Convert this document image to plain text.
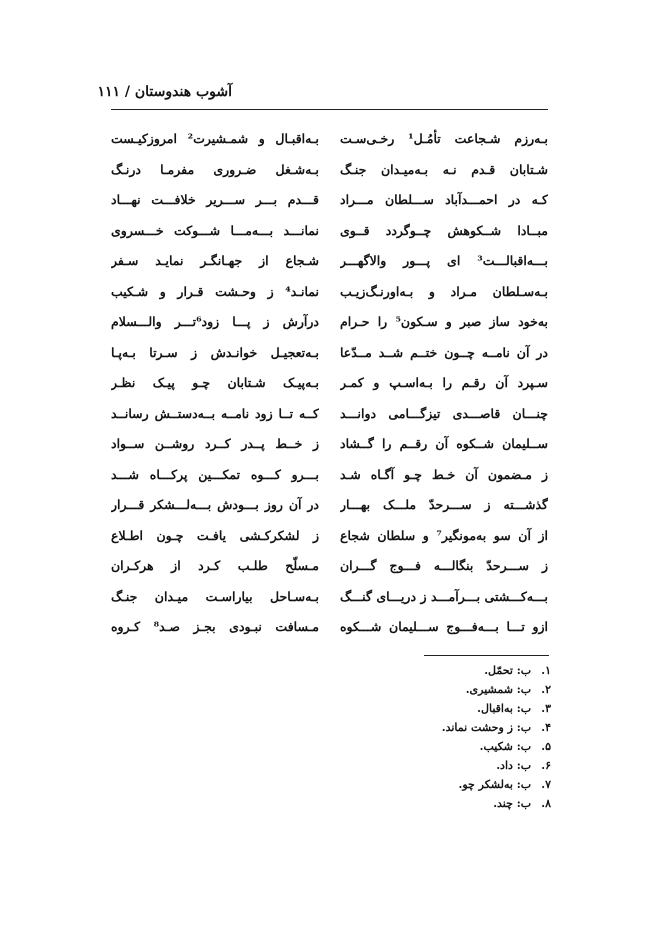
آشوب هندوستان / ۱۱۱
بـه‌رزم شـجاعت تأمُـل¹ رخـی‌سـت
شـتابان قـدم نـه بـه‌میـدان جنـگ
کـه در احمـــدآباد ســـلطان مـــراد
مبــادا شــکوهش چــوگردد قــوی
بـــه‌اقبالـــت³ ای پـــور والاگهـــر
بـه‌سـلطان مـراد و بـه‌اورنـگ‌زیـب
به‌خود ساز صبر و سـکون⁵ را حـرام
در آن نامــه چــون ختــم شــد مــدّعا
سـپرد آن رقـم را بـه‌اسـپ و کمـر
چنـــان قاصـــدی تیزگـــامی دوانـــد
ســلیمان شــکوه آن رقــم را گــشاد
ز مـضمون آن خـط چـو آگـاه شـد
گذشـــته ز ســـرحدّ ملـــک بهـــار
از آن سو به‌مونگیر⁷ و سلطان شجاع
ز ســـرحدّ بنگالـــه فـــوج گـــران
بـــه‌کـــشتی بـــرآمـــد ز دریـــای گنـــگ
ازو تـــا بـــه‌فـــوج ســـلیمان شـــکوه
بـه‌اقبـال و شمـشیرت² امروزکیـست
بـه‌شـغل ضـروری مفرمـا درنـگ
قـــدم بـــر ســـریر خلافـــت نهـــاد
نمانـــد بـــه‌مـــا شـــوکت خـــسروی
شـجاع از جهـانگـر نمایـد سـفر
نمانـد⁴ ز وحـشت قـرار و شـکیب
درآرش ز پـــا زود⁶تـــر والـــسلام
بـه‌تعجیـل خوانـدش ز سـرتا بـه‌پـا
بـه‌پیـک شـتابان چـو پیـک نظـر
کــه تــا زود نامــه بــه‌دستــش رسانــد
ز خــط پــدر کــرد روشــن ســواد
بـــرو کـــوه تمکـــین پرکـــاه شـــد
در آن روز بـــودش بـــه‌لـــشکر قـــرار
ز لشکرکـشی یافـت چـون اطـلاع
مـسلّح طلـب کـرد از هرکـران
بـه‌سـاحل بیاراسـت میـدان جنـگ
مـسافت نبـودی بجـز صـد⁸ کـروه
۱. ب: تحمّل.
۲. ب: شمشیری.
۳. ب: به‌اقبال.
۴. ب: ز وحشت نماند.
۵. ب: شکیب.
۶. ب: داد.
۷. ب: به‌لشکر چو.
۸. ب: چند.
